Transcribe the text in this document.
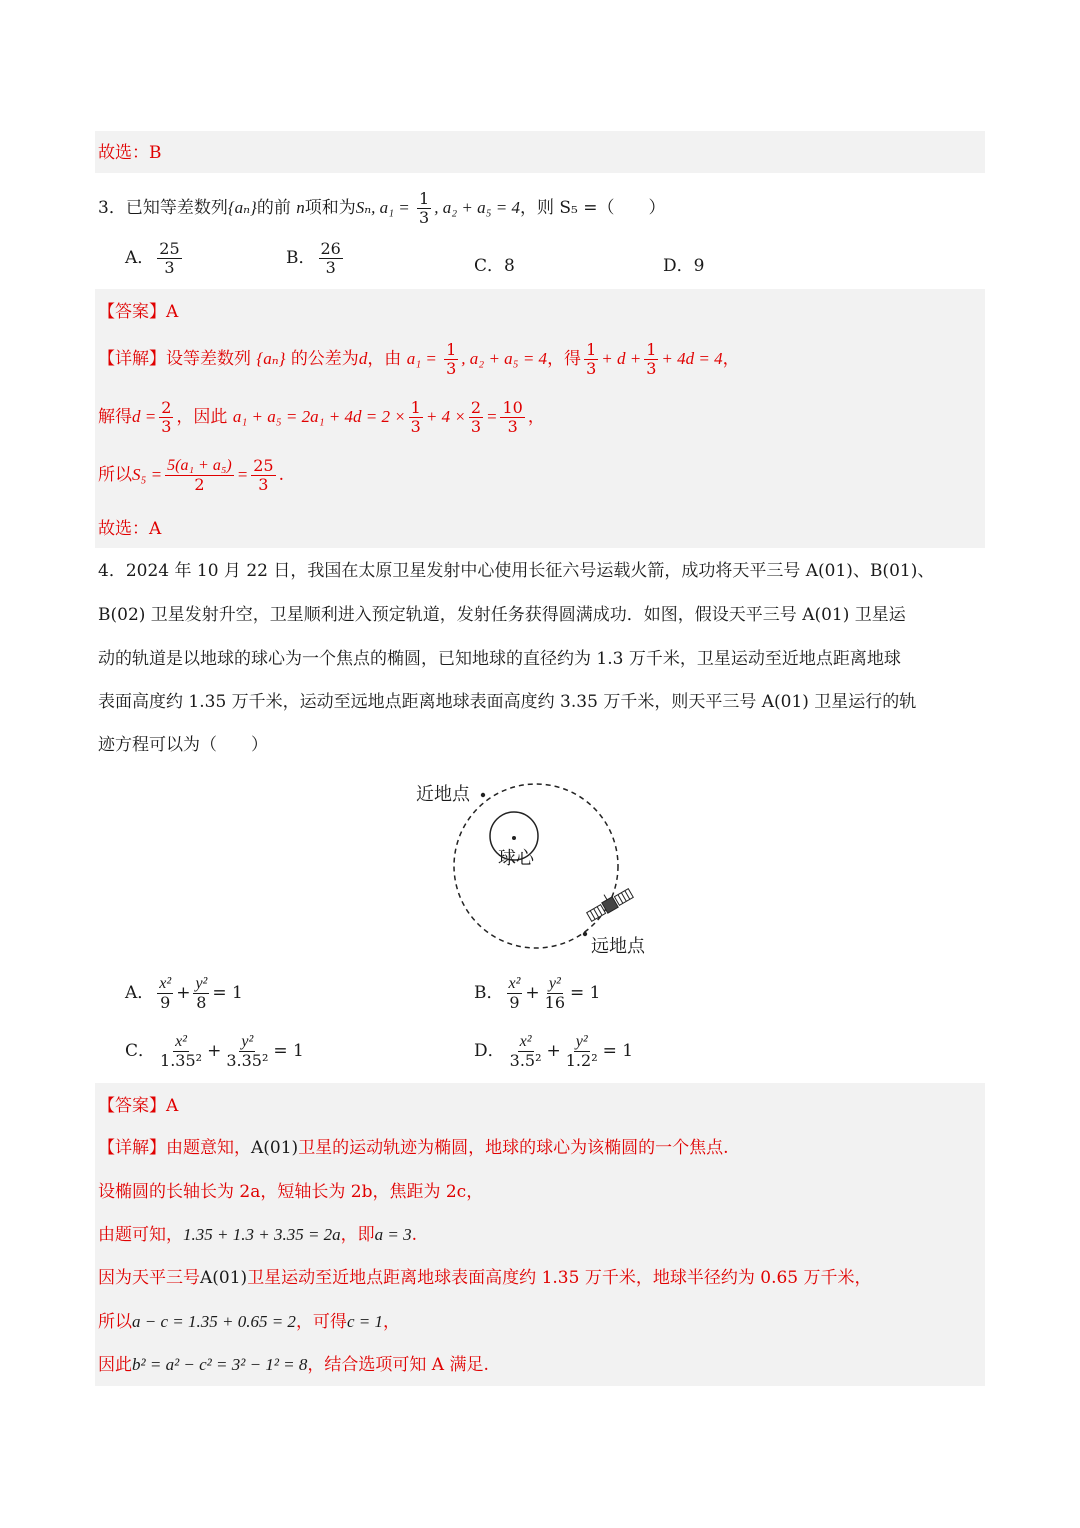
故选：B
3．已知等差数列{aₙ}的前 n项和为Sₙ, $a_1 = \frac{1}{3}$ , a₂ + a₅ = 4，则 S₅ =（　　）
A． $\frac{25}{3}$	B． $\frac{26}{3}$	C．8	D．9
【答案】A
【详解】设等差数列 {aₙ} 的公差为d，由 $a_1 = \frac{1}{3}$ , a₂ + a₅ = 4，得 $\frac{1}{3} + d + \frac{1}{3} + 4d = 4$，
解得$d = \frac{2}{3}$ ，因此 $a_1 + a_5 = 2a_1 + 4d = 2 \times \frac{1}{3} + 4 \times \frac{2}{3} = \frac{10}{3}$ ，
所以$S_5 = \frac{\text{5(a₁ + a₅)}}{2} = \frac{25}{3}$ .
故选：A
4．2024 年 10 月 22 日，我国在太原卫星发射中心使用长征六号运载火箭，成功将天平三号 A(01)、B(01)、
B(02) 卫星发射升空，卫星顺利进入预定轨道，发射任务获得圆满成功．如图，假设天平三号 A(01) 卫星运
动的轨道是以地球的球心为一个焦点的椭圆，已知地球的直径约为 1.3 万千米，卫星运动至近地点距离地球
表面高度约 1.35 万千米，运动至远地点距离地球表面高度约 3.35 万千米，则天平三号 A(01) 卫星运行的轨
迹方程可以为（　　）
近地点
球心
远地点
A． $\frac{\text{x²}}{9} + \frac{\text{y²}}{8} = 1$	B． $\frac{\text{x²}}{9} + \frac{\text{y²}}{16} = 1$
C． $\frac{\text{x²}}{\text{1.35²}} + \frac{\text{y²}}{\text{3.35²}} = 1$	D． $\frac{\text{x²}}{\text{3.5²}} + \frac{\text{y²}}{\text{1.2²}} = 1$
【答案】A
【详解】由题意知，A(01)卫星的运动轨迹为椭圆，地球的球心为该椭圆的一个焦点.
设椭圆的长轴长为 2a，短轴长为 2b，焦距为 2c，
由题可知，1.35 + 1.3 + 3.35 = 2a，即a = 3.
因为天平三号A(01)卫星运动至近地点距离地球表面高度约 1.35 万千米，地球半径约为 0.65 万千米，
所以a − c = 1.35 + 0.65 = 2，可得c = 1，
因此b² = a² − c² = 3² − 1² = 8，结合选项可知 A 满足.
